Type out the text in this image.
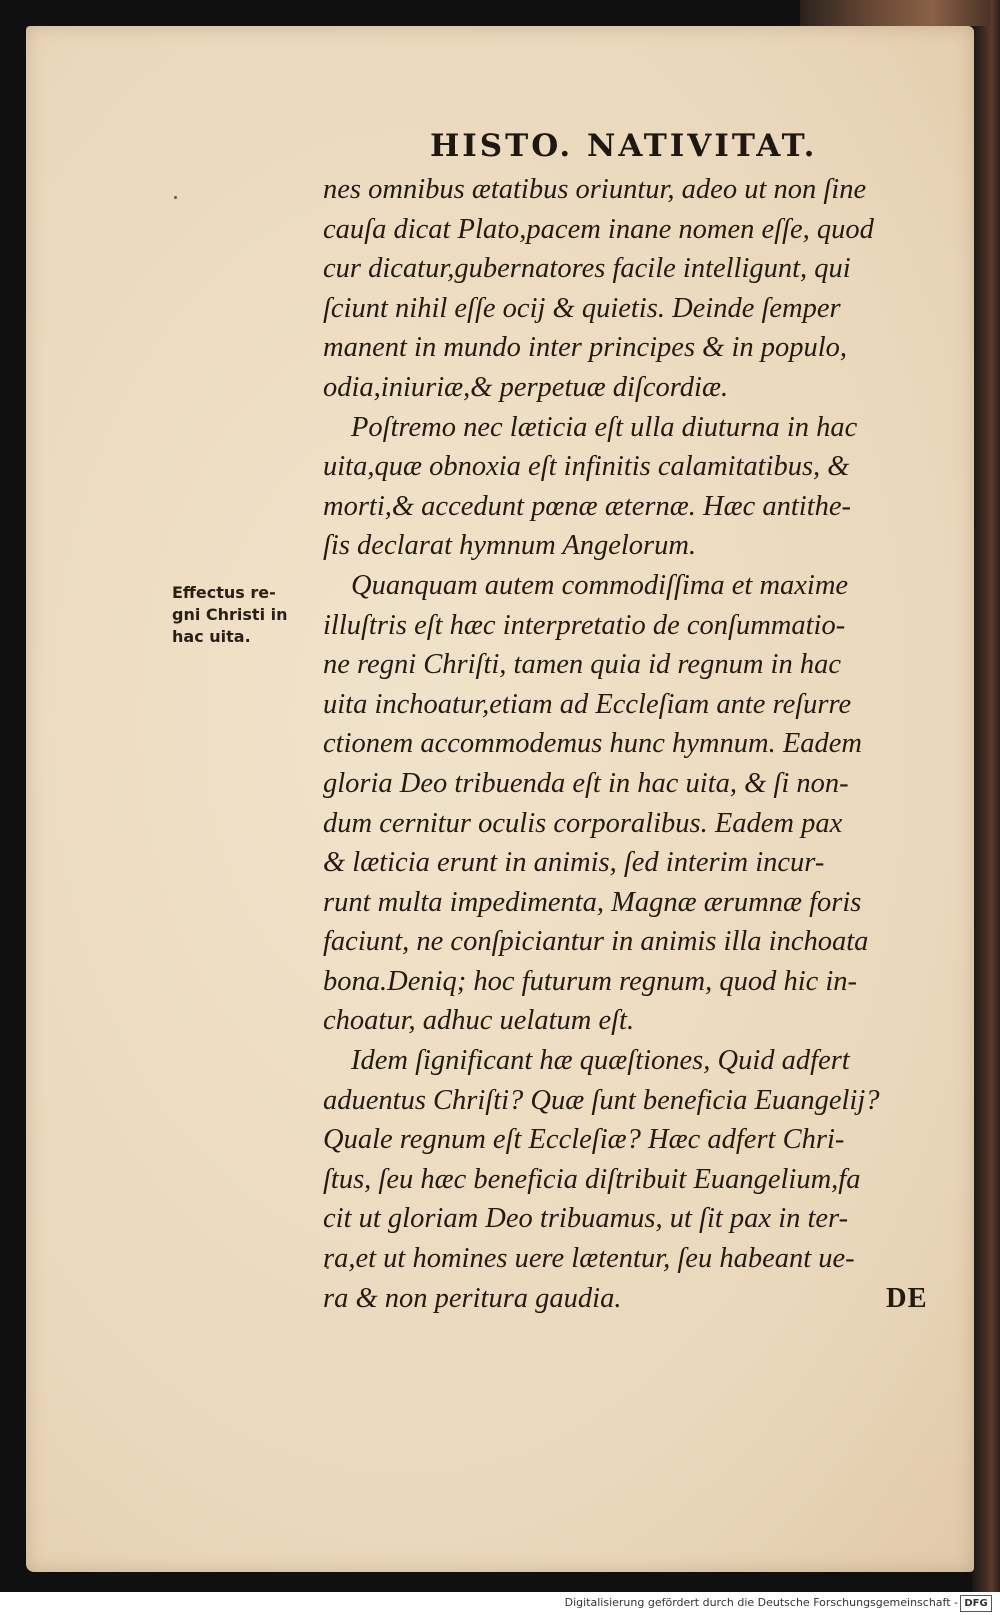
HISTO. NATIVITAT.
Effectus re-
gni Christi in
hac uita.
nes omnibus ætatibus oriuntur, adeo ut non ſine
cauſa dicat Plato,pacem inane nomen eſſe, quod
cur dicatur,gubernatores facile intelligunt, qui
ſciunt nihil eſſe ocij & quietis. Deinde ſemper
manent in mundo inter principes & in populo,
odia,iniuriæ,& perpetuæ diſcordiæ.
Poſtremo nec læticia eſt ulla diuturna in hac
uita,quæ obnoxia eſt infinitis calamitatibus, &
morti,& accedunt pœnæ æternæ. Hæc antithe-
ſis declarat hymnum Angelorum.
Quanquam autem commodiſſima et maxime
illuſtris eſt hæc interpretatio de conſummatio-
ne regni Chriſti, tamen quia id regnum in hac
uita inchoatur,etiam ad Eccleſiam ante reſurre
ctionem accommodemus hunc hymnum. Eadem
gloria Deo tribuenda eſt in hac uita, & ſi non-
dum cernitur oculis corporalibus. Eadem pax
& læticia erunt in animis, ſed interim incur-
runt multa impedimenta, Magnæ ærumnæ foris
faciunt, ne conſpiciantur in animis illa inchoata
bona.Deniq; hoc futurum regnum, quod hic in-
choatur, adhuc uelatum eſt.
Idem ſignificant hæ quæſtiones, Quid adfert
aduentus Chriſti? Quæ ſunt beneficia Euangelij?
Quale regnum eſt Eccleſiæ? Hæc adfert Chri-
ſtus, ſeu hæc beneficia diſtribuit Euangelium,fa
cit ut gloriam Deo tribuamus, ut ſit pax in ter-
ra,et ut homines uere lætentur, ſeu habeant ue-
ra & non peritura gaudia.	DE
Digitalisierung gefördert durch die Deutsche Forschungsgemeinschaft - DFG
